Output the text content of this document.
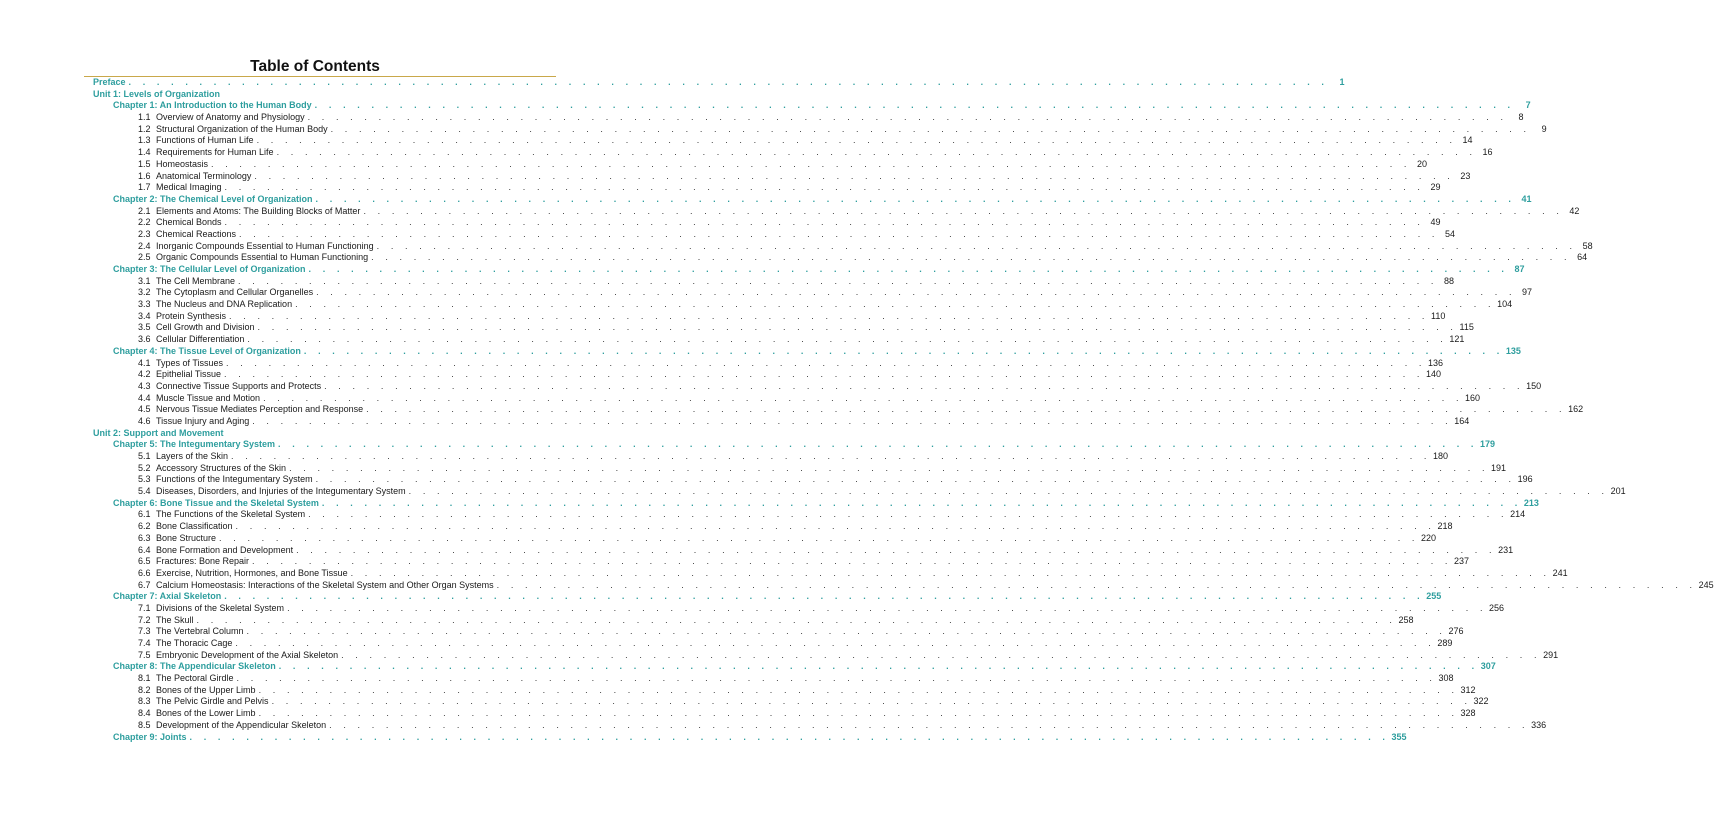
Table of Contents
Preface . . . . . . . . . . . . . . . . . . . . . . . . . . . . . . . . . . . . . . . . . . . . . . . . . . . . . . . . . . . . . . . . . . . . . . . . . . . . . . . . . . . . .	1
Unit 1: Levels of Organization
Chapter 1: An Introduction to the Human Body . . . . . . . . . . . . . . . . . . . . . . . . . . . . . . . . . . . . . . . . . . . . . . . . . . . . . . . . . . . . . . . . . . . . . . . . . . . . . . . . . . . . .	7
1.1 Overview of Anatomy and Physiology . . . . . . . . . . . . . . . . . . . . . . . . . . . . . . . . . . . . . . . . . . . . . . . . . . . . . . . . . . . . . . . . . . . . . . . . . . . . . . . . . . . . .	8
1.2 Structural Organization of the Human Body . . . . . . . . . . . . . . . . . . . . . . . . . . . . . . . . . . . . . . . . . . . . . . . . . . . . . . . . . . . . . . . . . . . . . . . . . . . . . . . . . . . . .	9
1.3 Functions of Human Life . . . . . . . . . . . . . . . . . . . . . . . . . . . . . . . . . . . . . . . . . . . . . . . . . . . . . . . . . . . . . . . . . . . . . . . . . . . . . . . . . . . . . 14
1.4 Requirements for Human Life . . . . . . . . . . . . . . . . . . . . . . . . . . . . . . . . . . . . . . . . . . . . . . . . . . . . . . . . . . . . . . . . . . . . . . . . . . . . . . . . . . . . . 16
1.5 Homeostasis . . . . . . . . . . . . . . . . . . . . . . . . . . . . . . . . . . . . . . . . . . . . . . . . . . . . . . . . . . . . . . . . . . . . . . . . . . . . . . . . . . . . . 20
1.6 Anatomical Terminology . . . . . . . . . . . . . . . . . . . . . . . . . . . . . . . . . . . . . . . . . . . . . . . . . . . . . . . . . . . . . . . . . . . . . . . . . . . . . . . . . . . . . 23
1.7 Medical Imaging . . . . . . . . . . . . . . . . . . . . . . . . . . . . . . . . . . . . . . . . . . . . . . . . . . . . . . . . . . . . . . . . . . . . . . . . . . . . . . . . . . . . . 29
Chapter 2: The Chemical Level of Organization . . . . . . . . . . . . . . . . . . . . . . . . . . . . . . . . . . . . . . . . . . . . . . . . . . . . . . . . . . . . . . . . . . . . . . . . . . . . . . . . . . . . . 41
2.1 Elements and Atoms: The Building Blocks of Matter . . . . . . . . . . . . . . . . . . . . . . . . . . . . . . . . . . . . . . . . . . . . . . . . . . . . . . . . . . . . . . . . . . . . . . . . . . . . . . . . . . . . . 42
2.2 Chemical Bonds . . . . . . . . . . . . . . . . . . . . . . . . . . . . . . . . . . . . . . . . . . . . . . . . . . . . . . . . . . . . . . . . . . . . . . . . . . . . . . . . . . . . . 49
2.3 Chemical Reactions . . . . . . . . . . . . . . . . . . . . . . . . . . . . . . . . . . . . . . . . . . . . . . . . . . . . . . . . . . . . . . . . . . . . . . . . . . . . . . . . . . . . . 54
2.4 Inorganic Compounds Essential to Human Functioning . . . . . . . . . . . . . . . . . . . . . . . . . . . . . . . . . . . . . . . . . . . . . . . . . . . . . . . . . . . . . . . . . . . . . . . . . . . . . . . . . . . . . 58
2.5 Organic Compounds Essential to Human Functioning . . . . . . . . . . . . . . . . . . . . . . . . . . . . . . . . . . . . . . . . . . . . . . . . . . . . . . . . . . . . . . . . . . . . . . . . . . . . . . . . . . . . . 64
Chapter 3: The Cellular Level of Organization . . . . . . . . . . . . . . . . . . . . . . . . . . . . . . . . . . . . . . . . . . . . . . . . . . . . . . . . . . . . . . . . . . . . . . . . . . . . . . . . . . . . . 87
3.1 The Cell Membrane . . . . . . . . . . . . . . . . . . . . . . . . . . . . . . . . . . . . . . . . . . . . . . . . . . . . . . . . . . . . . . . . . . . . . . . . . . . . . . . . . . . . . 88
3.2 The Cytoplasm and Cellular Organelles . . . . . . . . . . . . . . . . . . . . . . . . . . . . . . . . . . . . . . . . . . . . . . . . . . . . . . . . . . . . . . . . . . . . . . . . . . . . . . . . . . . . . 97
3.3 The Nucleus and DNA Replication . . . . . . . . . . . . . . . . . . . . . . . . . . . . . . . . . . . . . . . . . . . . . . . . . . . . . . . . . . . . . . . . . . . . . . . . . . . . . . . . . . . . . 104
3.4 Protein Synthesis . . . . . . . . . . . . . . . . . . . . . . . . . . . . . . . . . . . . . . . . . . . . . . . . . . . . . . . . . . . . . . . . . . . . . . . . . . . . . . . . . . . . . 110
3.5 Cell Growth and Division . . . . . . . . . . . . . . . . . . . . . . . . . . . . . . . . . . . . . . . . . . . . . . . . . . . . . . . . . . . . . . . . . . . . . . . . . . . . . . . . . . . . . 115
3.6 Cellular Differentiation . . . . . . . . . . . . . . . . . . . . . . . . . . . . . . . . . . . . . . . . . . . . . . . . . . . . . . . . . . . . . . . . . . . . . . . . . . . . . . . . . . . . . 121
Chapter 4: The Tissue Level of Organization . . . . . . . . . . . . . . . . . . . . . . . . . . . . . . . . . . . . . . . . . . . . . . . . . . . . . . . . . . . . . . . . . . . . . . . . . . . . . . . . . . . . . 135
4.1 Types of Tissues . . . . . . . . . . . . . . . . . . . . . . . . . . . . . . . . . . . . . . . . . . . . . . . . . . . . . . . . . . . . . . . . . . . . . . . . . . . . . . . . . . . . . 136
4.2 Epithelial Tissue . . . . . . . . . . . . . . . . . . . . . . . . . . . . . . . . . . . . . . . . . . . . . . . . . . . . . . . . . . . . . . . . . . . . . . . . . . . . . . . . . . . . . 140
4.3 Connective Tissue Supports and Protects . . . . . . . . . . . . . . . . . . . . . . . . . . . . . . . . . . . . . . . . . . . . . . . . . . . . . . . . . . . . . . . . . . . . . . . . . . . . . . . . . . . . . 150
4.4 Muscle Tissue and Motion . . . . . . . . . . . . . . . . . . . . . . . . . . . . . . . . . . . . . . . . . . . . . . . . . . . . . . . . . . . . . . . . . . . . . . . . . . . . . . . . . . . . . 160
4.5 Nervous Tissue Mediates Perception and Response . . . . . . . . . . . . . . . . . . . . . . . . . . . . . . . . . . . . . . . . . . . . . . . . . . . . . . . . . . . . . . . . . . . . . . . . . . . . . . . . . . . . . 162
4.6 Tissue Injury and Aging . . . . . . . . . . . . . . . . . . . . . . . . . . . . . . . . . . . . . . . . . . . . . . . . . . . . . . . . . . . . . . . . . . . . . . . . . . . . . . . . . . . . . 164
Unit 2: Support and Movement
Chapter 5: The Integumentary System . . . . . . . . . . . . . . . . . . . . . . . . . . . . . . . . . . . . . . . . . . . . . . . . . . . . . . . . . . . . . . . . . . . . . . . . . . . . . . . . . . . . . 179
5.1 Layers of the Skin . . . . . . . . . . . . . . . . . . . . . . . . . . . . . . . . . . . . . . . . . . . . . . . . . . . . . . . . . . . . . . . . . . . . . . . . . . . . . . . . . . . . . 180
5.2 Accessory Structures of the Skin . . . . . . . . . . . . . . . . . . . . . . . . . . . . . . . . . . . . . . . . . . . . . . . . . . . . . . . . . . . . . . . . . . . . . . . . . . . . . . . . . . . . . 191
5.3 Functions of the Integumentary System . . . . . . . . . . . . . . . . . . . . . . . . . . . . . . . . . . . . . . . . . . . . . . . . . . . . . . . . . . . . . . . . . . . . . . . . . . . . . . . . . . . . . 196
5.4 Diseases, Disorders, and Injuries of the Integumentary System . . . . . . . . . . . . . . . . . . . . . . . . . . . . . . . . . . . . . . . . . . . . . . . . . . . . . . . . . . . . . . . . . . . . . . . . . . . . . . . . . . . . . 201
Chapter 6: Bone Tissue and the Skeletal System . . . . . . . . . . . . . . . . . . . . . . . . . . . . . . . . . . . . . . . . . . . . . . . . . . . . . . . . . . . . . . . . . . . . . . . . . . . . . . . . . . . . . 213
6.1 The Functions of the Skeletal System . . . . . . . . . . . . . . . . . . . . . . . . . . . . . . . . . . . . . . . . . . . . . . . . . . . . . . . . . . . . . . . . . . . . . . . . . . . . . . . . . . . . . 214
6.2 Bone Classification . . . . . . . . . . . . . . . . . . . . . . . . . . . . . . . . . . . . . . . . . . . . . . . . . . . . . . . . . . . . . . . . . . . . . . . . . . . . . . . . . . . . . 218
6.3 Bone Structure . . . . . . . . . . . . . . . . . . . . . . . . . . . . . . . . . . . . . . . . . . . . . . . . . . . . . . . . . . . . . . . . . . . . . . . . . . . . . . . . . . . . . 220
6.4 Bone Formation and Development . . . . . . . . . . . . . . . . . . . . . . . . . . . . . . . . . . . . . . . . . . . . . . . . . . . . . . . . . . . . . . . . . . . . . . . . . . . . . . . . . . . . . 231
6.5 Fractures: Bone Repair . . . . . . . . . . . . . . . . . . . . . . . . . . . . . . . . . . . . . . . . . . . . . . . . . . . . . . . . . . . . . . . . . . . . . . . . . . . . . . . . . . . . . 237
6.6 Exercise, Nutrition, Hormones, and Bone Tissue . . . . . . . . . . . . . . . . . . . . . . . . . . . . . . . . . . . . . . . . . . . . . . . . . . . . . . . . . . . . . . . . . . . . . . . . . . . . . . . . . . . . . 241
6.7 Calcium Homeostasis: Interactions of the Skeletal System and Other Organ Systems . . . . . . . . . . . . . . . . . . . . . . . . . . . . . . . . . . . . . . . . . . . . . . . . . . . . . . . . . . . . . . . . . . . . . . . . . . . . . . . . . . . . . 245
Chapter 7: Axial Skeleton . . . . . . . . . . . . . . . . . . . . . . . . . . . . . . . . . . . . . . . . . . . . . . . . . . . . . . . . . . . . . . . . . . . . . . . . . . . . . . . . . . . . . 255
7.1 Divisions of the Skeletal System . . . . . . . . . . . . . . . . . . . . . . . . . . . . . . . . . . . . . . . . . . . . . . . . . . . . . . . . . . . . . . . . . . . . . . . . . . . . . . . . . . . . . 256
7.2 The Skull . . . . . . . . . . . . . . . . . . . . . . . . . . . . . . . . . . . . . . . . . . . . . . . . . . . . . . . . . . . . . . . . . . . . . . . . . . . . . . . . . . . . . 258
7.3 The Vertebral Column . . . . . . . . . . . . . . . . . . . . . . . . . . . . . . . . . . . . . . . . . . . . . . . . . . . . . . . . . . . . . . . . . . . . . . . . . . . . . . . . . . . . . 276
7.4 The Thoracic Cage . . . . . . . . . . . . . . . . . . . . . . . . . . . . . . . . . . . . . . . . . . . . . . . . . . . . . . . . . . . . . . . . . . . . . . . . . . . . . . . . . . . . . 289
7.5 Embryonic Development of the Axial Skeleton . . . . . . . . . . . . . . . . . . . . . . . . . . . . . . . . . . . . . . . . . . . . . . . . . . . . . . . . . . . . . . . . . . . . . . . . . . . . . . . . . . . . . 291
Chapter 8: The Appendicular Skeleton . . . . . . . . . . . . . . . . . . . . . . . . . . . . . . . . . . . . . . . . . . . . . . . . . . . . . . . . . . . . . . . . . . . . . . . . . . . . . . . . . . . . . 307
8.1 The Pectoral Girdle . . . . . . . . . . . . . . . . . . . . . . . . . . . . . . . . . . . . . . . . . . . . . . . . . . . . . . . . . . . . . . . . . . . . . . . . . . . . . . . . . . . . . 308
8.2 Bones of the Upper Limb . . . . . . . . . . . . . . . . . . . . . . . . . . . . . . . . . . . . . . . . . . . . . . . . . . . . . . . . . . . . . . . . . . . . . . . . . . . . . . . . . . . . . 312
8.3 The Pelvic Girdle and Pelvis . . . . . . . . . . . . . . . . . . . . . . . . . . . . . . . . . . . . . . . . . . . . . . . . . . . . . . . . . . . . . . . . . . . . . . . . . . . . . . . . . . . . . 322
8.4 Bones of the Lower Limb . . . . . . . . . . . . . . . . . . . . . . . . . . . . . . . . . . . . . . . . . . . . . . . . . . . . . . . . . . . . . . . . . . . . . . . . . . . . . . . . . . . . . 328
8.5 Development of the Appendicular Skeleton . . . . . . . . . . . . . . . . . . . . . . . . . . . . . . . . . . . . . . . . . . . . . . . . . . . . . . . . . . . . . . . . . . . . . . . . . . . . . . . . . . . . . 336
Chapter 9: Joints . . . . . . . . . . . . . . . . . . . . . . . . . . . . . . . . . . . . . . . . . . . . . . . . . . . . . . . . . . . . . . . . . . . . . . . . . . . . . . . . . . . . . 355
